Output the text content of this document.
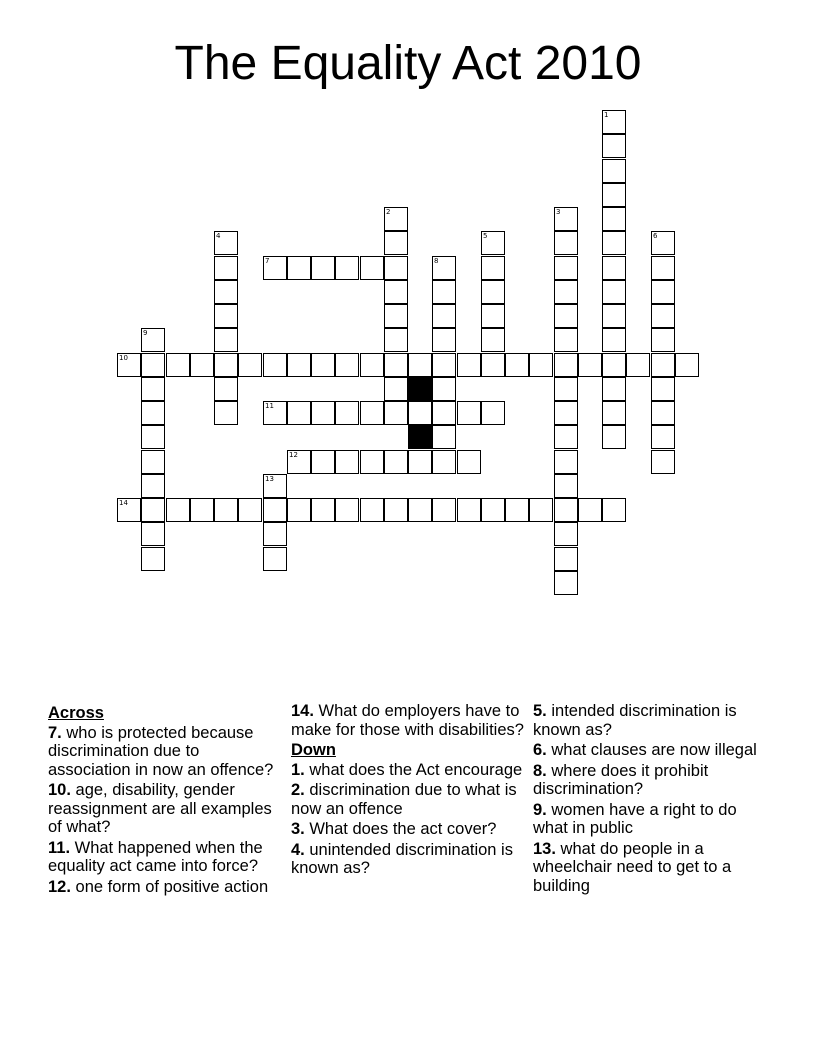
The Equality Act 2010
1
2	3
4	5	6
8
9
13
7
10
11
12
14
Across
7. who is protected because discrimination due to association in now an offence?
10. age, disability, gender reassignment are all examples of what?
11. What happened when the equality act came into force?
12. one form of positive action
14. What do employers have to make for those with disabilities?
Down
1. what does the Act encourage
2. discrimination due to what is now an offence
3. What does the act cover?
4. unintended discrimination is known as?
5. intended discrimination is known as?
6. what clauses are now illegal
8. where does it prohibit discrimination?
9. women have a right to do what in public
13. what do people in a wheelchair need to get to a building
